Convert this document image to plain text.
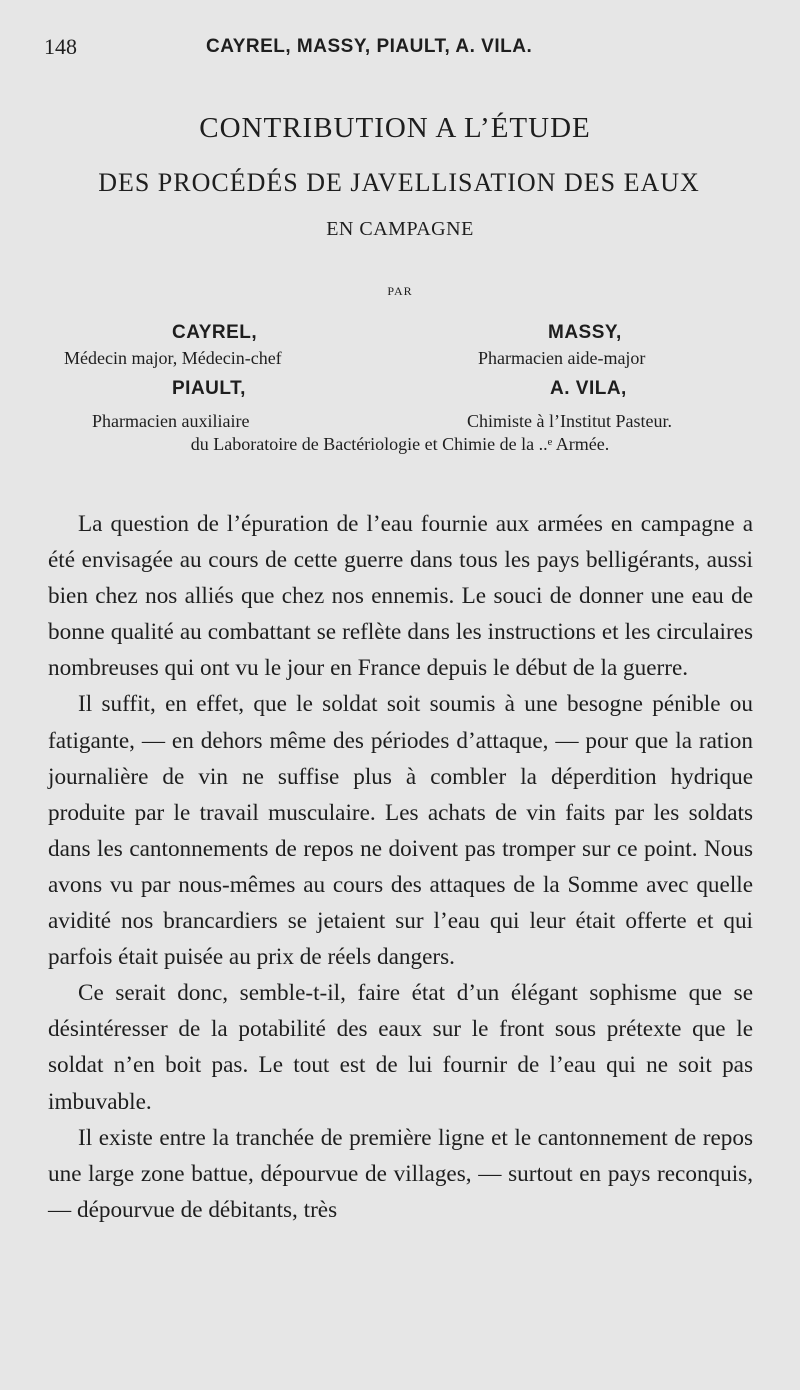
148	CAYREL, MASSY, PIAULT, A. VILA.
CONTRIBUTION A L’ÉTUDE
DES PROCÉDÉS DE JAVELLISATION DES EAUX
EN CAMPAGNE
PAR
CAYREL,
Médecin major, Médecin-chef
MASSY,
Pharmacien aide-major
PIAULT,
Pharmacien auxiliaire
A. VILA,
Chimiste à l’Institut Pasteur.
du Laboratoire de Bactériologie et Chimie de la ..ᵉ Armée.

La question de l’épuration de l’eau fournie aux armées en campagne a été envisagée au cours de cette guerre dans tous les pays belligérants, aussi bien chez nos alliés que chez nos ennemis. Le souci de donner une eau de bonne qualité au combattant se reflète dans les instructions et les circulaires nombreuses qui ont vu le jour en France depuis le début de la guerre.

Il suffit, en effet, que le soldat soit soumis à une besogne pénible ou fatigante, — en dehors même des périodes d’attaque, — pour que la ration journalière de vin ne suffise plus à combler la déperdition hydrique produite par le travail musculaire. Les achats de vin faits par les soldats dans les cantonnements de repos ne doivent pas tromper sur ce point. Nous avons vu par nous-mêmes au cours des attaques de la Somme avec quelle avidité nos brancardiers se jetaient sur l’eau qui leur était offerte et qui parfois était puisée au prix de réels dangers.

Ce serait donc, semble-t-il, faire état d’un élégant sophisme que se désintéresser de la potabilité des eaux sur le front sous prétexte que le soldat n’en boit pas. Le tout est de lui fournir de l’eau qui ne soit pas imbuvable.

Il existe entre la tranchée de première ligne et le cantonnement de repos une large zone battue, dépourvue de villages, — surtout en pays reconquis, — dépourvue de débitants, très
